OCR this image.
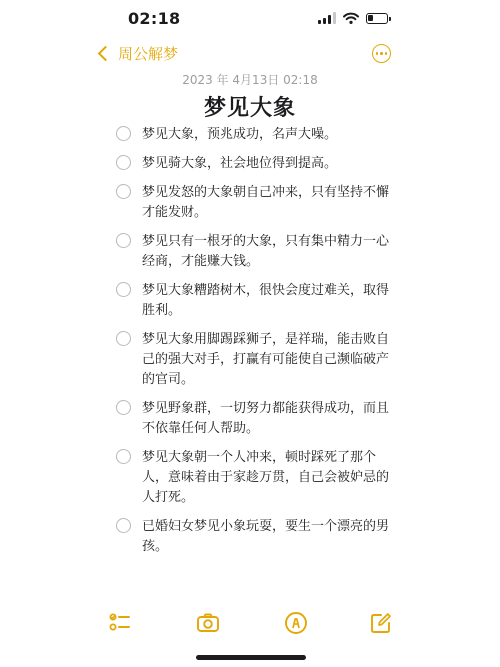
02:18
周公解梦
2023 年 4月13日 02:18
梦见大象
梦见大象，预兆成功，名声大噪。
梦见骑大象，社会地位得到提高。
梦见发怒的大象朝自己冲来，只有坚持不懈才能发财。
梦见只有一根牙的大象，只有集中精力一心经商，才能赚大钱。
梦见大象糟踏树木，很快会度过难关，取得胜利。
梦见大象用脚踢踩狮子，是祥瑞，能击败自己的强大对手，打赢有可能使自己濒临破产的官司。
梦见野象群，一切努力都能获得成功，而且不依靠任何人帮助。
梦见大象朝一个人冲来，顿时踩死了那个人，意味着由于家趁万贯，自己会被妒忌的人打死。
已婚妇女梦见小象玩耍，要生一个漂亮的男孩。
